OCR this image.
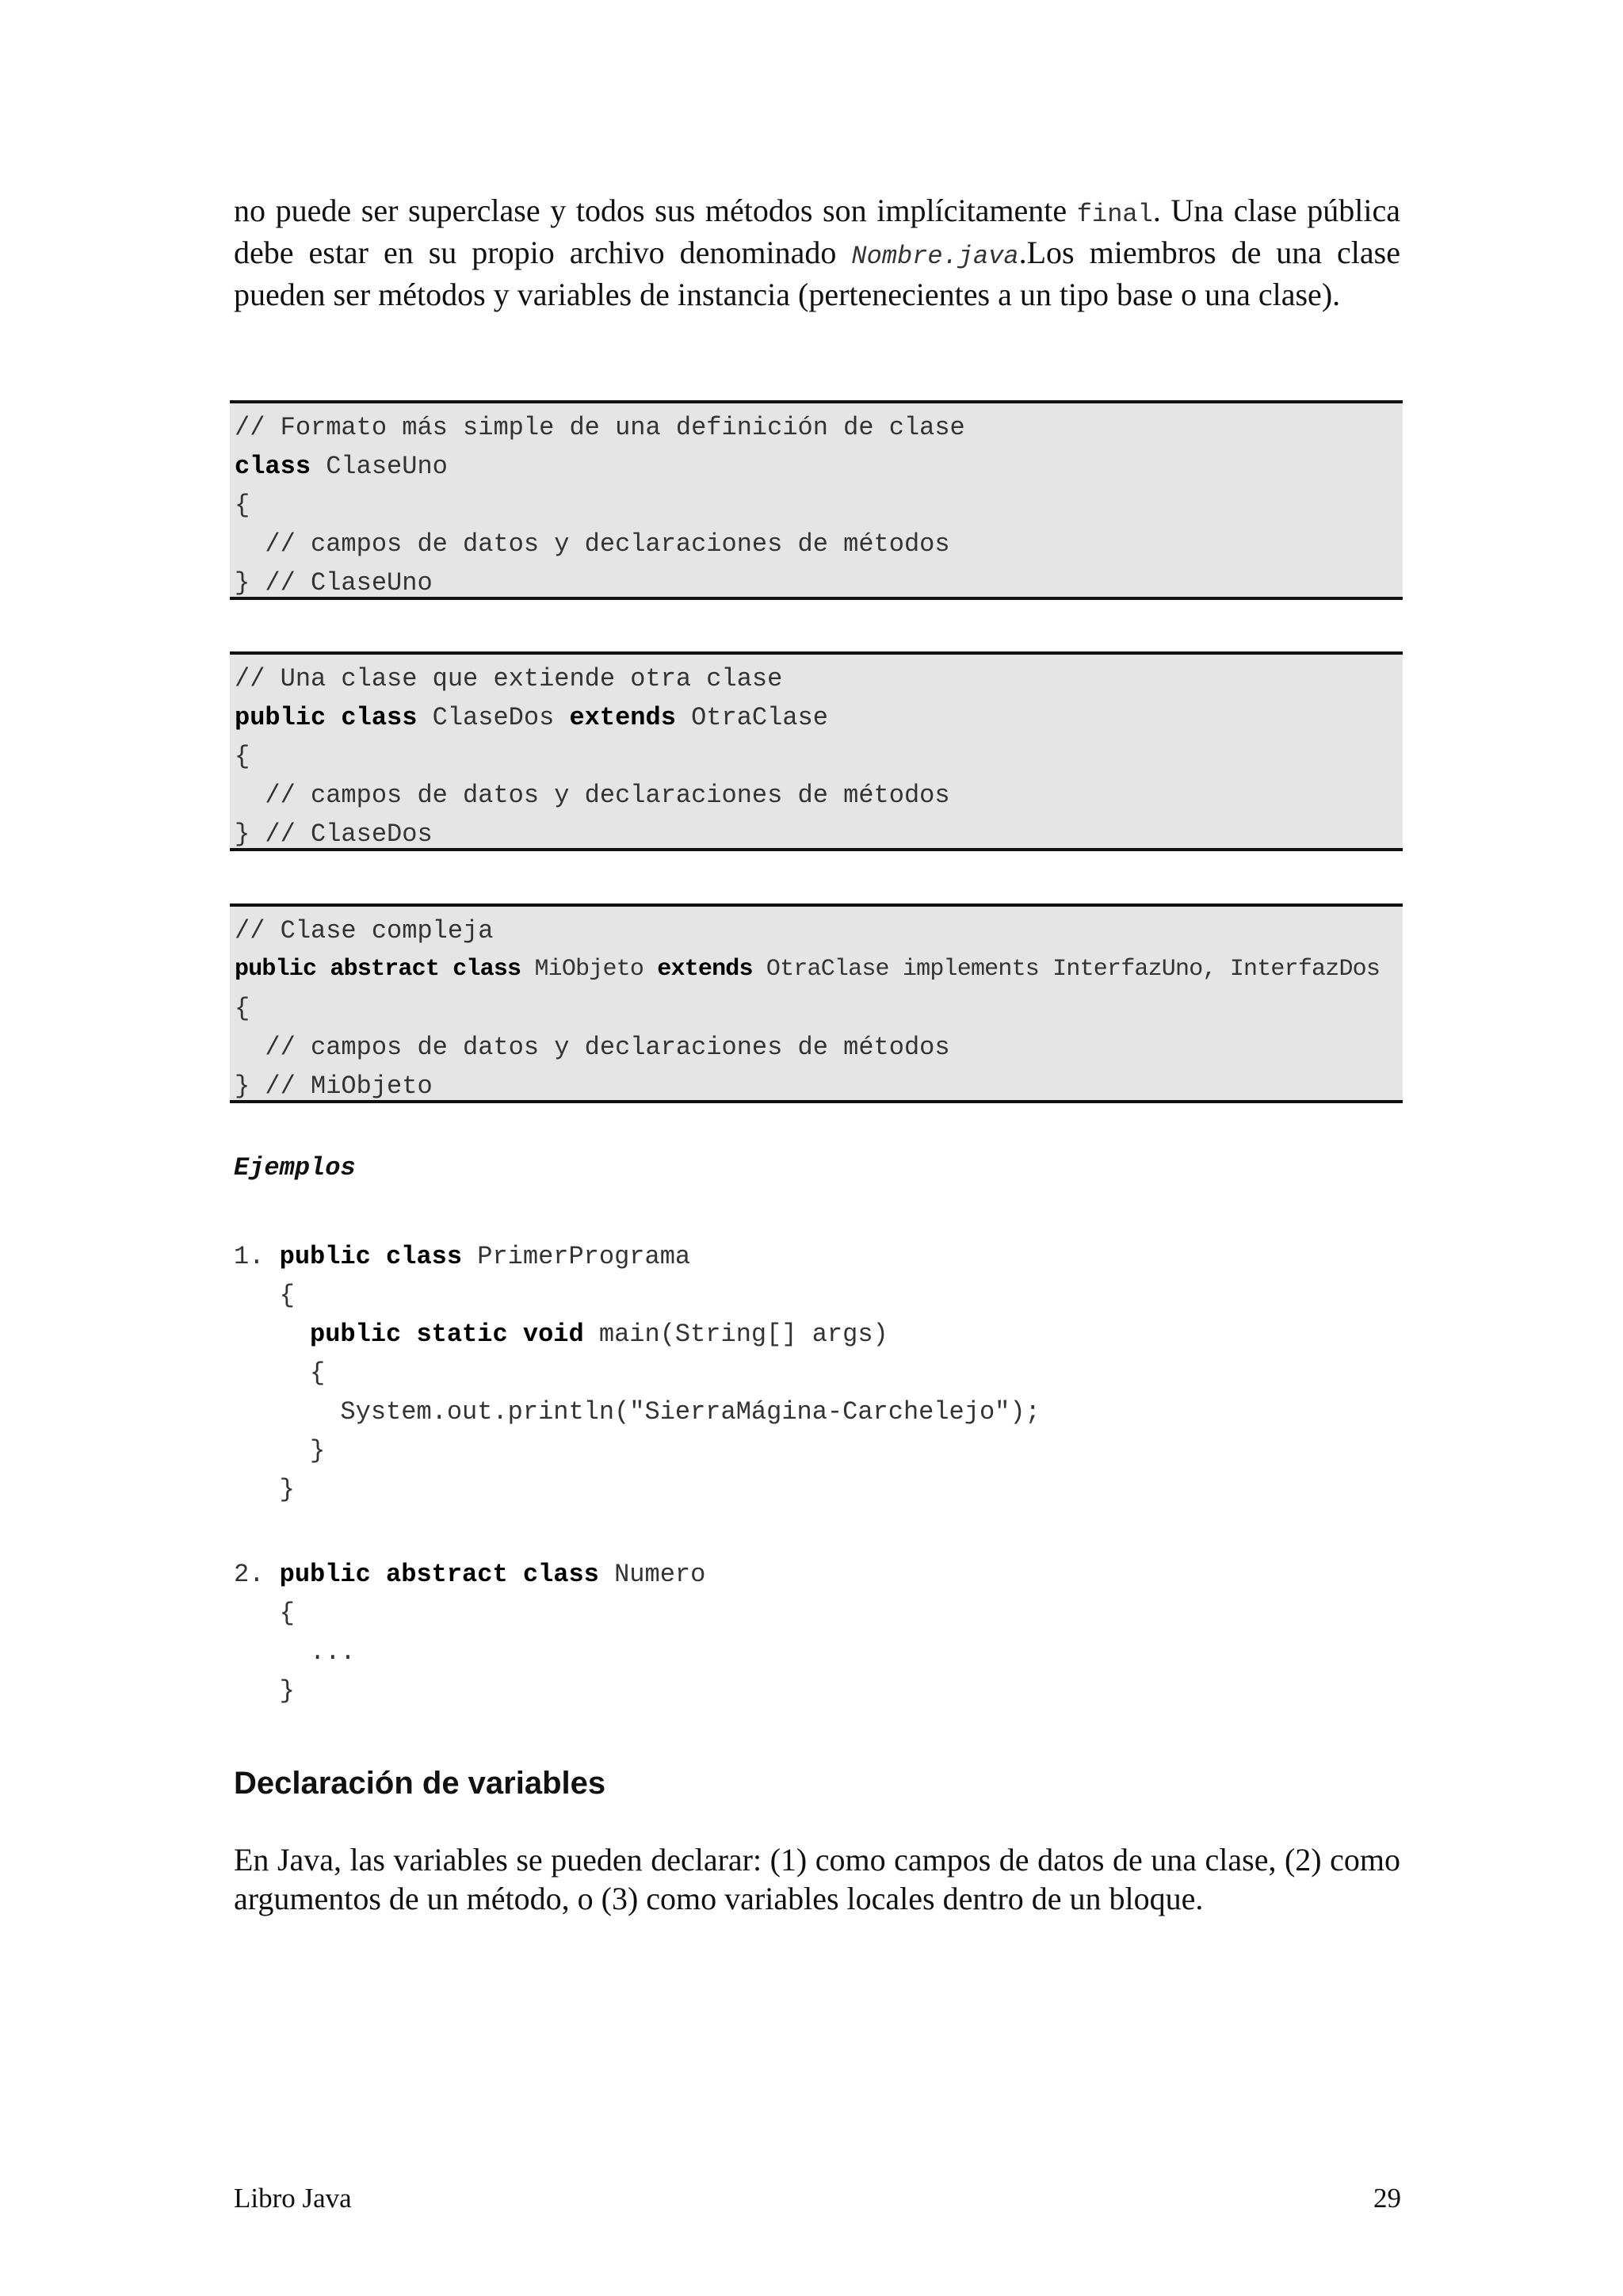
no puede ser superclase y todos sus métodos son implícitamente final. Una clase pública debe estar en su propio archivo denominado Nombre.java.Los miembros de una clase pueden ser métodos y variables de instancia (pertenecientes a un tipo base o una clase).

// Formato más simple de una definición de clase
class ClaseUno
{
// campos de datos y declaraciones de métodos
} // ClaseUno
// Una clase que extiende otra clase
public class ClaseDos extends OtraClase
{
// campos de datos y declaraciones de métodos
} // ClaseDos
// Clase compleja
public abstract class MiObjeto extends OtraClase implements InterfazUno, InterfazDos
{
// campos de datos y declaraciones de métodos
} // MiObjeto
Ejemplos
1. public class PrimerPrograma
{
public static void main(String[] args)
{
System.out.println("SierraMágina-Carchelejo");
}
}
2. public abstract class Numero
{
...
}
Declaración de variables

En Java, las variables se pueden declarar: (1) como campos de datos de una clase, (2) como argumentos de un método, o (3) como variables locales dentro de un bloque.

Libro Java	29
